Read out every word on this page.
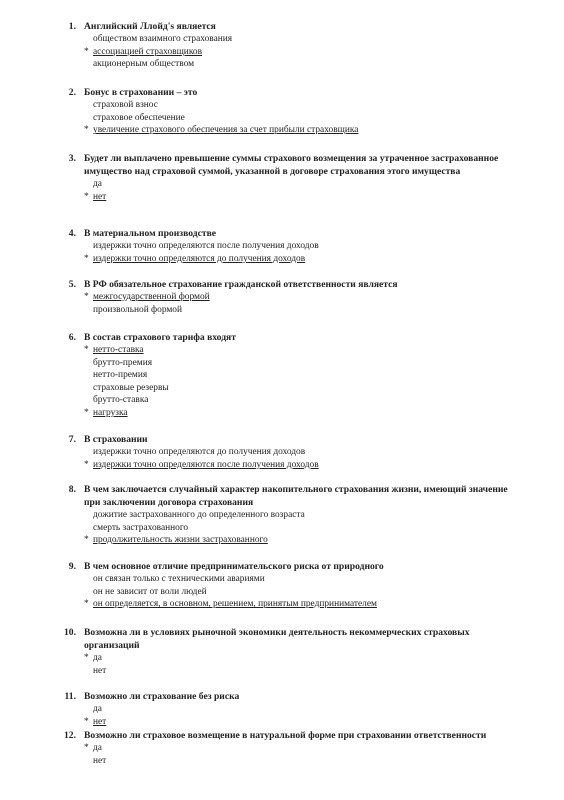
1. Английский Ллойд's является
обществом взаимного страхования
* ассоциацией страховщиков
акционерным обществом
2. Бонус в страховании – это
страховой взнос
страховое обеспечение
* увеличение страхового обеспечения за счет прибыли страховщика
3. Будет ли выплачено превышение суммы страхового возмещения за утраченное застрахованное имущество над страховой суммой, указанной в договоре страхования этого имущества
да
* нет
4. В материальном производстве
издержки точно определяются после получения доходов
* издержки точно определяются до получения доходов
5. В РФ обязательное страхование гражданской ответственности является
* межгосударственной формой
произвольной формой
6. В состав страхового тарифа входят
* нетто-ставка
брутто-премия
нетто-премия
страховые резервы
брутто-ставка
* нагрузка
7. В страховании
издержки точно определяются до получения доходов
* издержки точно определяются после получения доходов
8. В чем заключается случайный характер накопительного страхования жизни, имеющий значение при заключении договора страхования
дожитие застрахованного до определенного возраста
смерть застрахованного
* продолжительность жизни застрахованного
9. В чем основное отличие предпринимательского риска от природного
он связан только с техническими авариями
он не зависит от воли людей
* он определяется, в основном, решением, принятым предпринимателем
10. Возможна ли в условиях рыночной экономики деятельность некоммерческих страховых организаций
* да
нет
11. Возможно ли страхование без риска
да
* нет
12. Возможно ли страховое возмещение в натуральной форме при страховании ответственности
* да
нет
